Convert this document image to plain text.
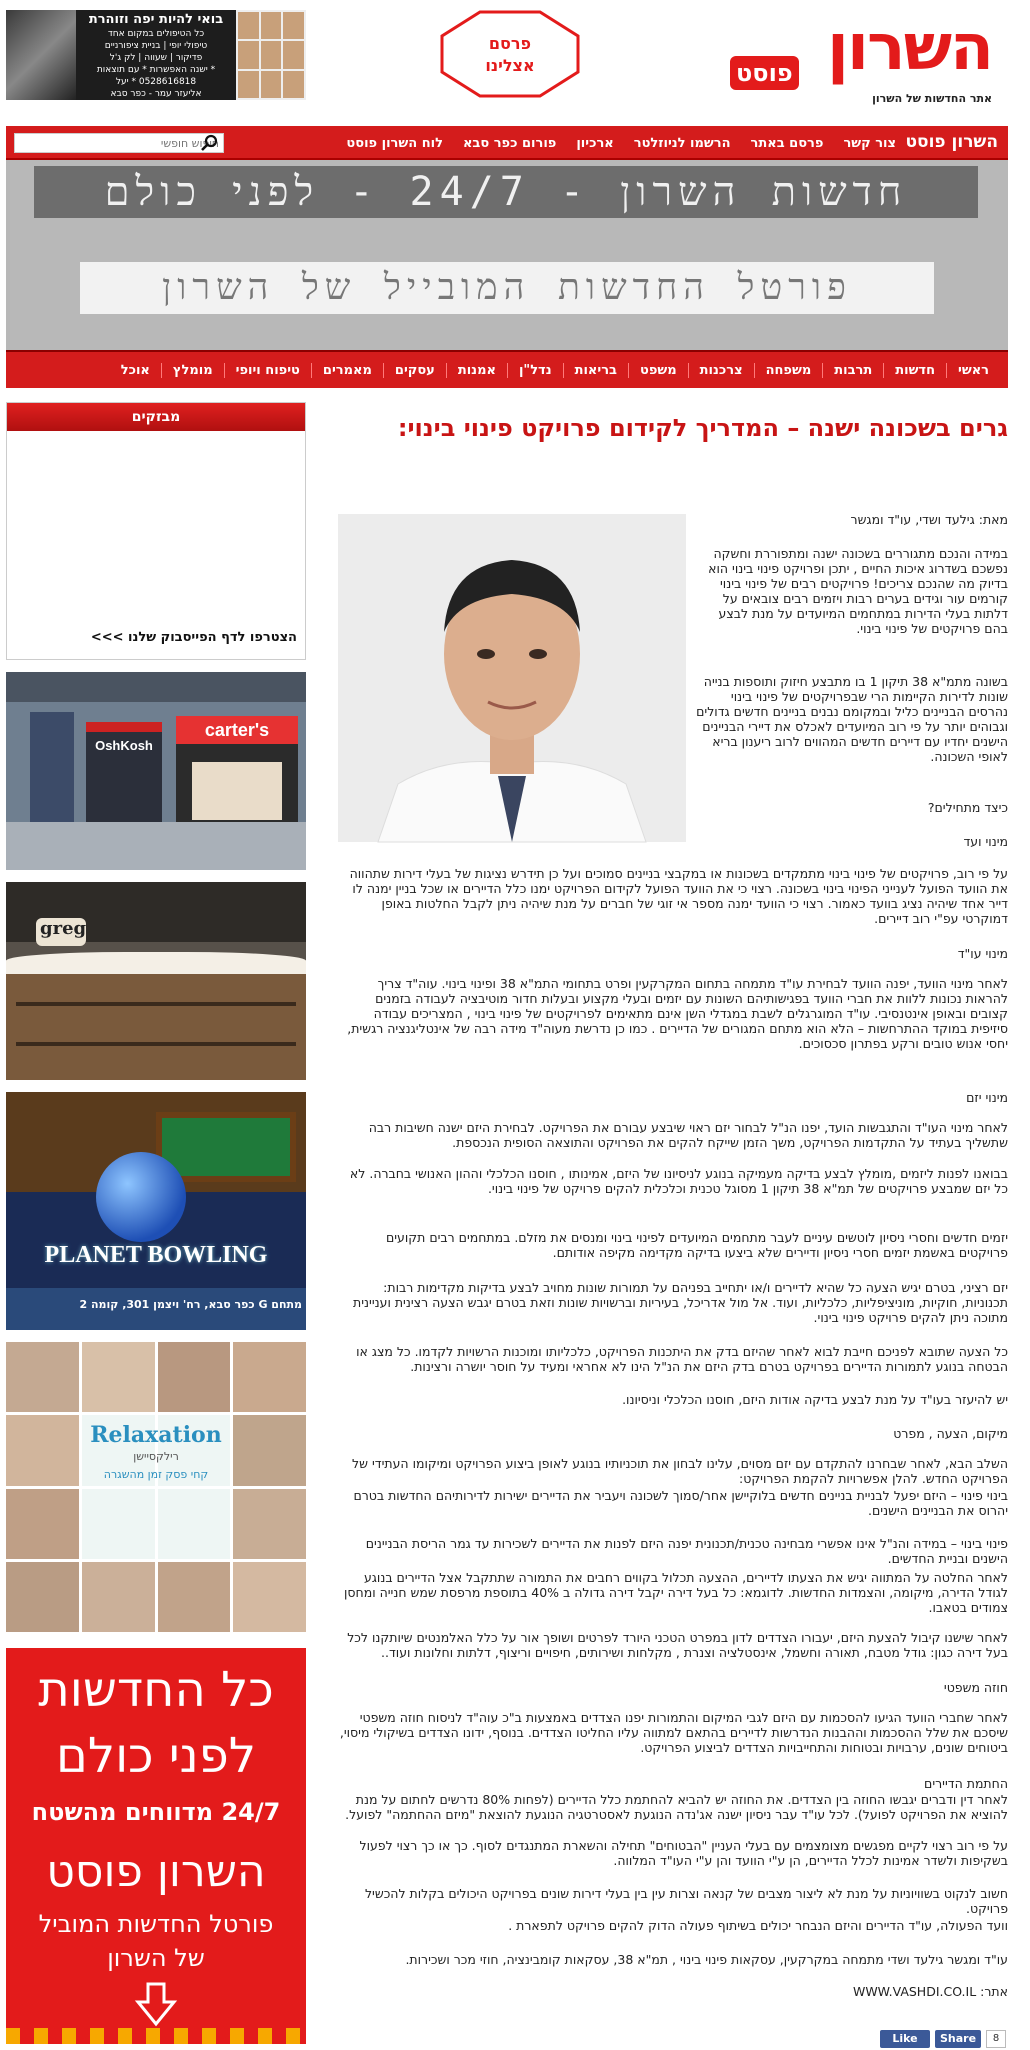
השרון
פוסט
אתר החדשות של השרון
פרסם
אצלינו
בואי להיות יפה וזוהרת
כל הטיפולים במקום אחד
טיפולי יופי | בניית ציפורניים
פדיקור | שעווה | לק ג'ל
* ישנה האפשרות * עם תוצאות
0528616818 * יעל
אליעזר עמר - כפר סבא
כפר סבא - מקבלת עד 23:00
השרון פוסט
צור קשר
פרסם באתר
הרשמו לניוזלטר
ארכיון
פורום כפר סבא
לוח השרון פוסט
חיפוש חופשי
חדשות השרון - 24/7 - לפני כולם
פורטל החדשות המובייל של השרון
ראשי
חדשות
תרבות
משפחה
צרכנות
משפט
בריאות
נדל"ן
אמנות
עסקים
מאמרים
טיפוח ויופי
מומלץ
אוכל
מבזקים
הצטרפו לדף הפייסבוק שלנו >>>
OshKosh
carter's
greg
PLANET BOWLING
מתחם G כפר סבא, רח' ויצמן 301, קומה 2
Relaxation
רילקסיישן
קחי פסק זמן מהשגרה
כל החדשות
לפני כולם
24/7 מדווחים מהשטח
השרון פוסט
פורטל החדשות המוביל
של השרון
גרים בשכונה ישנה – המדריך לקידום פרויקט פינוי בינוי:
מאת: גילעד ושדי, עו"ד ומגשר
במידה והנכם מתגוררים בשכונה ישנה ומתפוררת וחשקה נפשכם בשדרוג איכות החיים , יתכן ופרויקט פינוי בינוי הוא בדיוק מה שהנכם צריכים! פרויקטים רבים של פינוי בינוי קורמים עור וגידים בערים רבות ויזמים רבים צובאים על דלתות בעלי הדירות במתחמים המיועדים על מנת לבצע בהם פרויקטים של פינוי בינוי.
בשונה מתמ"א 38 תיקון 1 בו מתבצע חיזוק ותוספות בנייה שונות לדירות הקיימות הרי שבפרויקטים של פינוי בינוי נהרסים הבניינים כליל ובמקומם נבנים בניינים חדשים גדולים וגבוהים יותר על פי רוב המיועדים לאכלס את דיירי הבניינים הישנים יחדיו עם דיירים חדשים המהווים לרוב ריענון בריא לאופי השכונה.
כיצד מתחילים?
מינוי ועד
על פי רוב, פרויקטים של פינוי בינוי מתמקדים בשכונות או במקבצי בניינים סמוכים ועל כן תידרש נציגות של בעלי דירות שתהווה את הוועד הפועל לענייני הפינוי בינוי בשכונה. רצוי כי את הוועד הפועל לקידום הפרויקט ימנו כלל הדיירים או שכל בניין ימנה לו דייר אחד שיהיה נציג בוועד כאמור. רצוי כי הוועד ימנה מספר אי זוגי של חברים על מנת שיהיה ניתן לקבל החלטות באופן דמוקרטי עפ"י רוב דיירים.
מינוי עו"ד
לאחר מינוי הוועד, יפנה הוועד לבחירת עו"ד מתמחה בתחום המקרקעין ופרט בתחומי התמ"א 38 ופינוי בינוי. עוה"ד צריך להראות נכונות ללוות את חברי הוועד בפגישותיהם השונות עם יזמים ובעלי מקצוע ובעלות חדור מוטיבציה לעבודה בזמנים קצובים ובאופן אינטנסיבי. עו"ד המוגרגלים לשבת במגדלי השן אינם מתאימים לפרויקטים של פינוי בינוי , המצריכים עבודה סיזיפית במוקד ההתרחשות – הלא הוא מתחם המגורים של הדיירים . כמו כן נדרשת מעוה"ד מידה רבה של אינטליגנציה רגשית, יחסי אנוש טובים ורקע בפתרון סכסוכים.
מינוי יזם
לאחר מינוי העו"ד והתגבשות הועד, יפנו הנ"ל לבחור יזם ראוי שיבצע עבורם את הפרויקט. לבחירת היזם ישנה חשיבות רבה שתשליך בעתיד על התקדמות הפרויקט, משך הזמן שייקח להקים את הפרויקט והתוצאה הסופית הנכספת.
בבואנו לפנות ליזמים ,מומלץ לבצע בדיקה מעמיקה בנוגע לניסיונו של היזם, אמינותו , חוסנו הכלכלי וההון האנושי בחברה. לא כל יזם שמבצע פרויקטים של תמ"א 38 תיקון 1 מסוגל טכנית וכלכלית להקים פרויקט של פינוי בינוי.
יזמים חדשים וחסרי ניסיון לוטשים עיניים לעבר מתחמים המיועדים לפינוי בינוי ומנסים את מזלם. במתחמים רבים תקועים פרויקטים באשמת יזמים חסרי ניסיון ודיירים שלא ביצעו בדיקה מקדימה מקיפה אודותם.
יזם רציני, בטרם יגיש הצעה כל שהיא לדיירים ו/או יתחייב בפניהם על תמורות שונות מחויב לבצע בדיקות מקדימות רבות: תכנוניות, חוקיות, מוניציפליות, כלכליות, ועוד. אל מול אדריכל, בעיריות וברשויות שונות וזאת בטרם יגבש הצעה רצינית ועניינית מתוכה ניתן להקים פרויקט פינוי בינוי.
כל הצעה שתובא לפניכם חייבת לבוא לאחר שהיזם בדק את היתכנות הפרויקט, כלכליותו ומוכנות הרשויות לקדמו. כל מצג או הבטחה בנוגע לתמורות הדיירים בפרויקט בטרם בדק היזם את הנ"ל הינו לא אחראי ומעיד על חוסר יושרה ורצינות.
יש להיעזר בעו"ד על מנת לבצע בדיקה אודות היזם, חוסנו הכלכלי וניסיונו.
מיקום, הצעה , מפרט
השלב הבא, לאחר שבחרנו להתקדם עם יזם מסוים, עלינו לבחון את תוכניותיו בנוגע לאופן ביצוע הפרויקט ומיקומו העתידי של הפרויקט החדש. להלן אפשרויות להקמת הפרויקט:
בינוי פינוי – היזם יפעל לבניית בניינים חדשים בלוקיישן אחר/סמוך לשכונה ויעביר את הדיירים ישירות לדירותיהם החדשות בטרם יהרוס את הבניינים הישנים.
פינוי בינוי – במידה והנ"ל אינו אפשרי מבחינה טכנית/תכנונית יפנה היזם לפנות את הדיירים לשכירות עד גמר הריסת הבניינים הישנים ובניית החדשים.
לאחר החלטה על המתווה יגיש את הצעתו לדיירים, ההצעה תכלול בקווים רחבים את התמורה שתתקבל אצל הדיירים בנוגע לגודל הדירה, מיקומה, והצמדות החדשות. לדוגמא: כל בעל דירה יקבל דירה גדולה ב 40% בתוספת מרפסת שמש חנייה ומחסן צמודים בטאבו.
לאחר שישנו קיבול להצעת היזם, יעבורו הצדדים לדון במפרט הטכני היורד לפרטים ושופך אור על כלל האלמנטים שיותקנו לכל בעל דירה כגון: גודל מטבח, תאורה וחשמל, אינסטלציה וצנרת , מקלחות ושירותים, חיפויים וריצוף, דלתות וחלונות ועוד..
חוזה משפטי
לאחר שחברי הוועד הגיעו להסכמות עם היזם לגבי המיקום והתמורות יפנו הצדדים באמצעות ב"כ עוה"ד לניסוח חוזה משפטי שיסכם את שלל ההסכמות וההבנות הנדרשות לדיירים בהתאם למתווה עליו החליטו הצדדים. בנוסף, ידונו הצדדים בשיקולי מיסוי, ביטוחים שונים, ערבויות ובטוחות והתחייבויות הצדדים לביצוע הפרויקט.
החתמת הדיירים
לאחר דין ודברים יגבשו החוזה בין הצדדים. את החוזה יש להביא להחתמת כלל הדיירים (לפחות 80% נדרשים לחתום על מנת להוציא את הפרויקט לפועל). לכל עו"ד עבר ניסיון ישנה אג'נדה הנוגעת לאסטרטגיה הנוגעת להוצאת "מיזם ההחתמה" לפועל.
על פי רוב רצוי לקיים מפגשים מצומצמים עם בעלי העניין "הבטוחים" תחילה והשארת המתנגדים לסוף. כך או כך רצוי לפעול בשקיפות ולשדר אמינות לכלל הדיירים, הן ע"י הוועד והן ע"י העו"ד המלווה.
חשוב לנקוט בשוויוניות על מנת לא ליצור מצבים של קנאה וצרות עין בין בעלי דירות שונים בפרויקט היכולים בקלות להכשיל פרויקט.
וועד הפעולה, עו"ד הדיירים והיזם הנבחר יכולים בשיתוף פעולה הדוק להקים פרויקט לתפארת .
עו"ד ומגשר גילעד ושדי מתמחה במקרקעין, עסקאות פינוי בינוי , תמ"א 38, עסקאות קומבינציה, חוזי מכר ושכירות.
אתר: WWW.VASHDI.CO.IL
Like	Share	8
